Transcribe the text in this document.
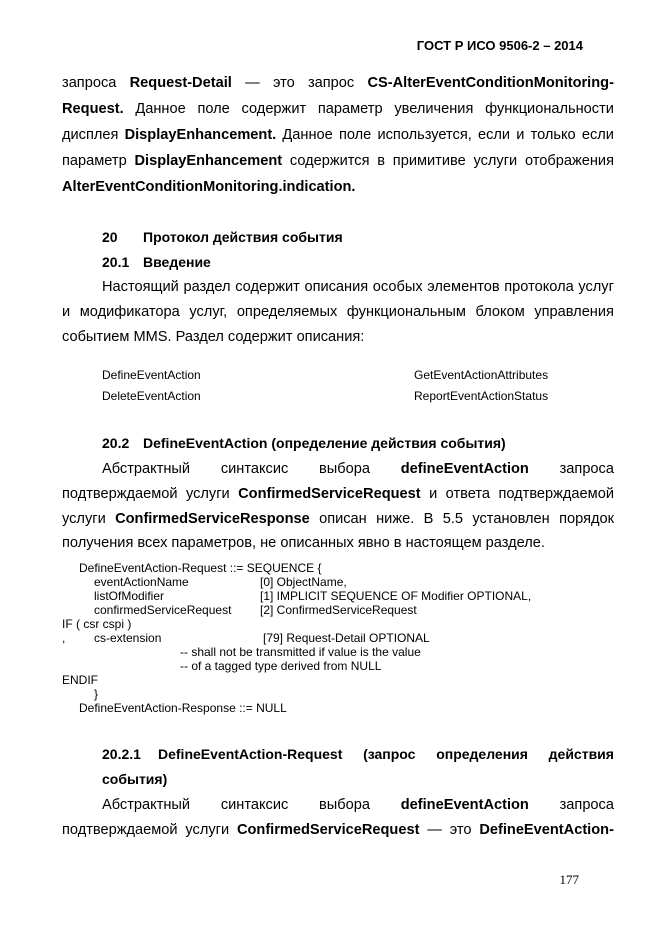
ГОСТ Р ИСО 9506-2 – 2014
запроса Request-Detail — это запрос CS-AlterEventConditionMonitoring-
Request. Данное поле содержит параметр увеличения функциональности
дисплея DisplayEnhancement. Данное поле используется, если и только если
параметр DisplayEnhancement содержится в примитиве услуги отображения
AlterEventConditionMonitoring.indication.
20 Протокол действия события
20.1 Введение
Настоящий раздел содержит описания особых элементов протокола услуг
и модификатора услуг, определяемых функциональным блоком управления
событием MMS. Раздел содержит описания:
DefineEventAction	GetEventActionAttributes
DeleteEventAction	ReportEventActionStatus
20.2 DefineEventAction (определение действия события)
Абстрактный синтаксис выбора defineEventAction запроса
подтверждаемой услуги ConfirmedServiceRequest и ответа подтверждаемой
услуги ConfirmedServiceResponse описан ниже. В 5.5 установлен порядок
получения всех параметров, не описанных явно в настоящем разделе.
DefineEventAction-Request ::= SEQUENCE {
eventActionName	[0] ObjectName,
listOfModifier	[1] IMPLICIT SEQUENCE OF Modifier OPTIONAL,
confirmedServiceRequest [2] ConfirmedServiceRequest
IF ( csr cspi )
, cs-extension	[79] Request-Detail OPTIONAL
-- shall not be transmitted if value is the value
-- of a tagged type derived from NULL
ENDIF
}
DefineEventAction-Response ::= NULL
20.2.1 DefineEventAction-Request (запрос определения действия
события)
Абстрактный синтаксис выбора defineEventAction запроса
подтверждаемой услуги ConfirmedServiceRequest — это DefineEventAction-
177
